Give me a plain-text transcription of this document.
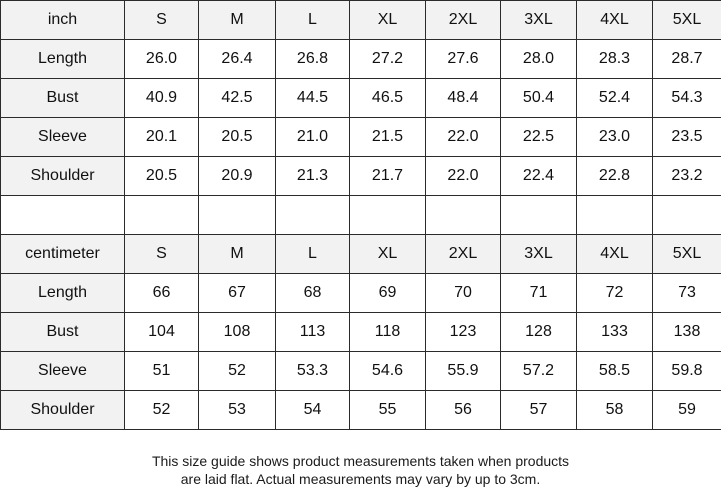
inch	S	M	L	XL	2XL	3XL	4XL	5XL
Length	26.0	26.4	26.8	27.2	27.6	28.0	28.3	28.7
Bust	40.9	42.5	44.5	46.5	48.4	50.4	52.4	54.3
Sleeve	20.1	20.5	21.0	21.5	22.0	22.5	23.0	23.5
Shoulder	20.5	20.9	21.3	21.7	22.0	22.4	22.8	23.2

centimeter	S	M	L	XL	2XL	3XL	4XL	5XL
Length	66	67	68	69	70	71	72	73
Bust	104	108	113	118	123	128	133	138
Sleeve	51	52	53.3	54.6	55.9	57.2	58.5	59.8
Shoulder	52	53	54	55	56	57	58	59
This size guide shows product measurements taken when products
are laid flat. Actual measurements may vary by up to 3cm.
